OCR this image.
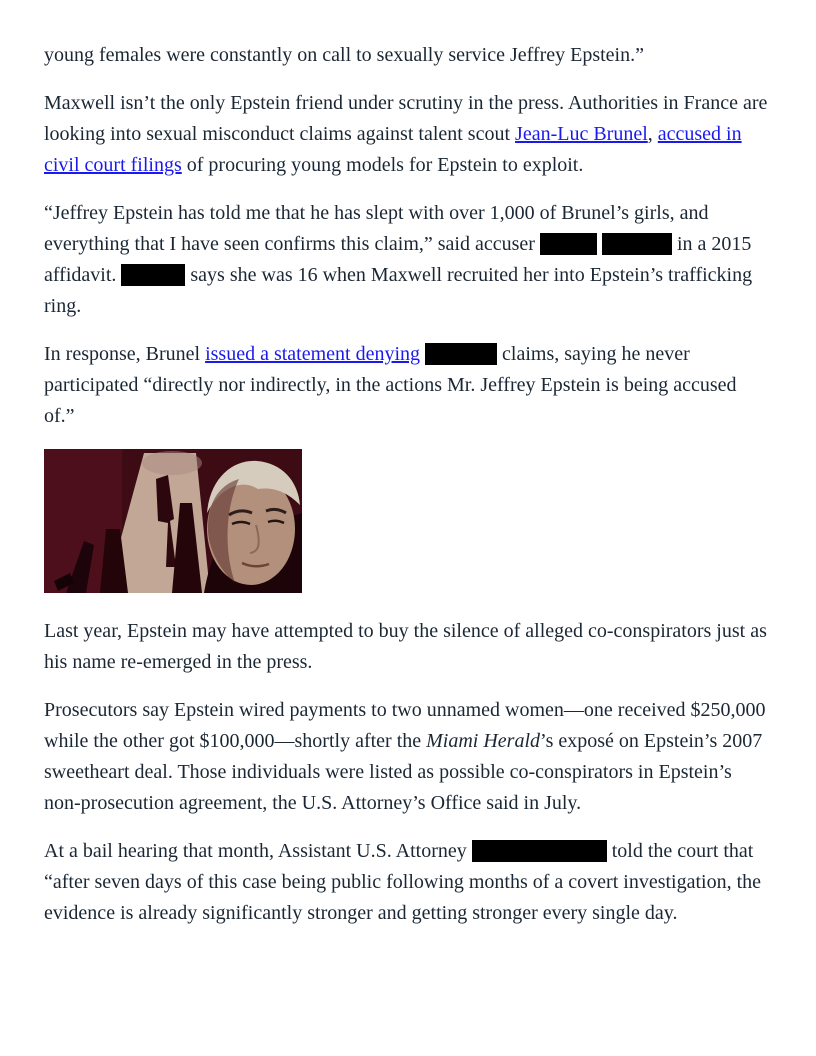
young females were constantly on call to sexually service Jeffrey Epstein.”

Maxwell isn’t the only Epstein friend under scrutiny in the press. Authorities in France are looking into sexual misconduct claims against talent scout Jean-Luc Brunel, accused in civil court filings of procuring young models for Epstein to exploit.

“Jeffrey Epstein has told me that he has slept with over 1,000 of Brunel’s girls, and everything that I have seen confirms this claim,” said accuser	in a 2015 affidavit.	says she was 16 when Maxwell recruited her into Epstein’s trafficking ring.

In response, Brunel issued a statement denying	claims, saying he never participated “directly nor indirectly, in the actions Mr. Jeffrey Epstein is being accused of.”

Last year, Epstein may have attempted to buy the silence of alleged co-conspirators just as his name re-emerged in the press.

Prosecutors say Epstein wired payments to two unnamed women—one received $250,000 while the other got $100,000—shortly after the Miami Herald’s exposé on Epstein’s 2007 sweetheart deal. Those individuals were listed as possible co-conspirators in Epstein’s non-prosecution agreement, the U.S. Attorney’s Office said in July.

At a bail hearing that month, Assistant U.S. Attorney	told the court that “after seven days of this case being public following months of a covert investigation, the evidence is already significantly stronger and getting stronger every single day.
